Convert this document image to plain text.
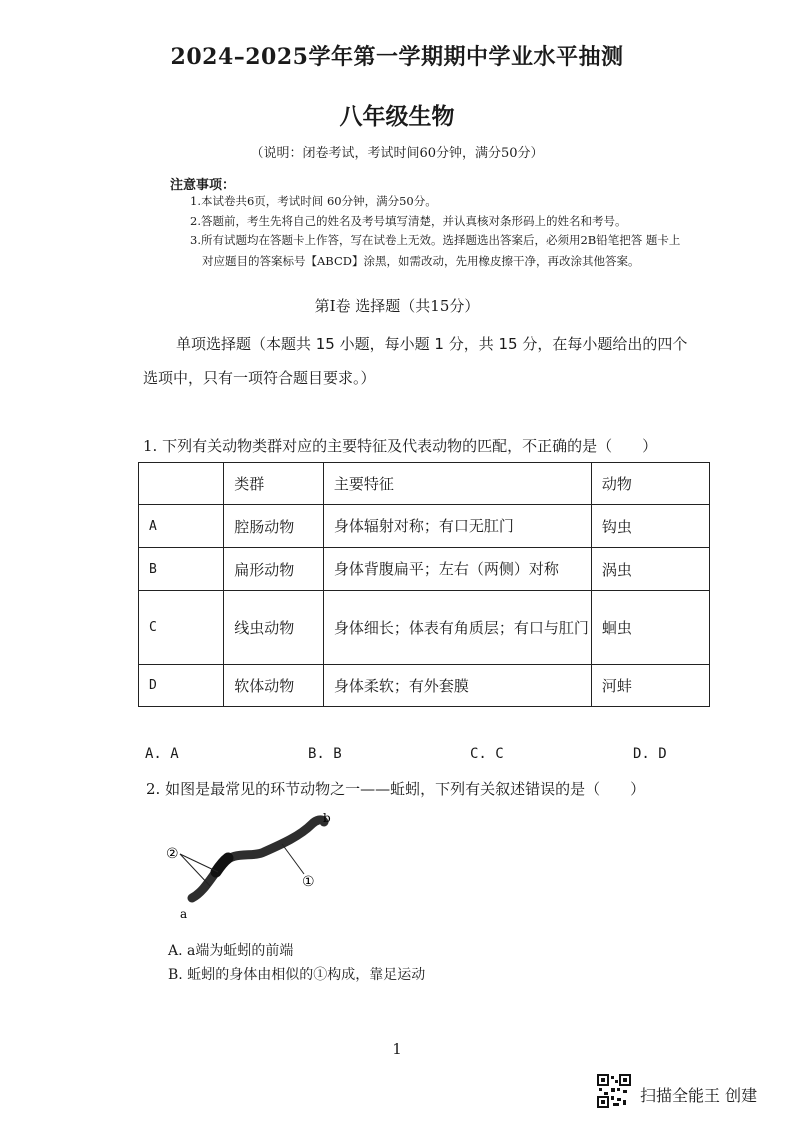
2024–2025学年第一学期期中学业水平抽测
八年级生物
（说明：闭卷考试，考试时间60分钟，满分50分）
注意事项：
1.本试卷共6页，考试时间 60分钟，满分50分。
2.答题前，考生先将自己的姓名及考号填写清楚，并认真核对条形码上的姓名和考号。
3.所有试题均在答题卡上作答，写在试卷上无效。选择题选出答案后，必须用2B铅笔把答 题卡上
对应题目的答案标号【ABCD】涂黑，如需改动，先用橡皮擦干净，再改涂其他答案。
第Ⅰ卷 选择题（共15分）
单项选择题（本题共 15 小题，每小题 1 分，共 15 分，在每小题给出的四个
选项中，只有一项符合题目要求。）
1. 下列有关动物类群对应的主要特征及代表动物的匹配，不正确的是（　　）
	类群	主要特征	动物
A	腔肠动物	身体辐射对称；有口无肛门	钩虫
B	扁形动物	身体背腹扁平；左右（两侧）对称	涡虫
C	线虫动物	身体细长；体表有角质层；有口与肛门	蛔虫
D	软体动物	身体柔软；有外套膜	河蚌
A. A	B. B	C. C	D. D
2. 如图是最常见的环节动物之一——蚯蚓，下列有关叙述错误的是（　　）
b
a
①
②
A. a端为蚯蚓的前端
B. 蚯蚓的身体由相似的①构成，靠足运动
1
扫描全能王 创建
